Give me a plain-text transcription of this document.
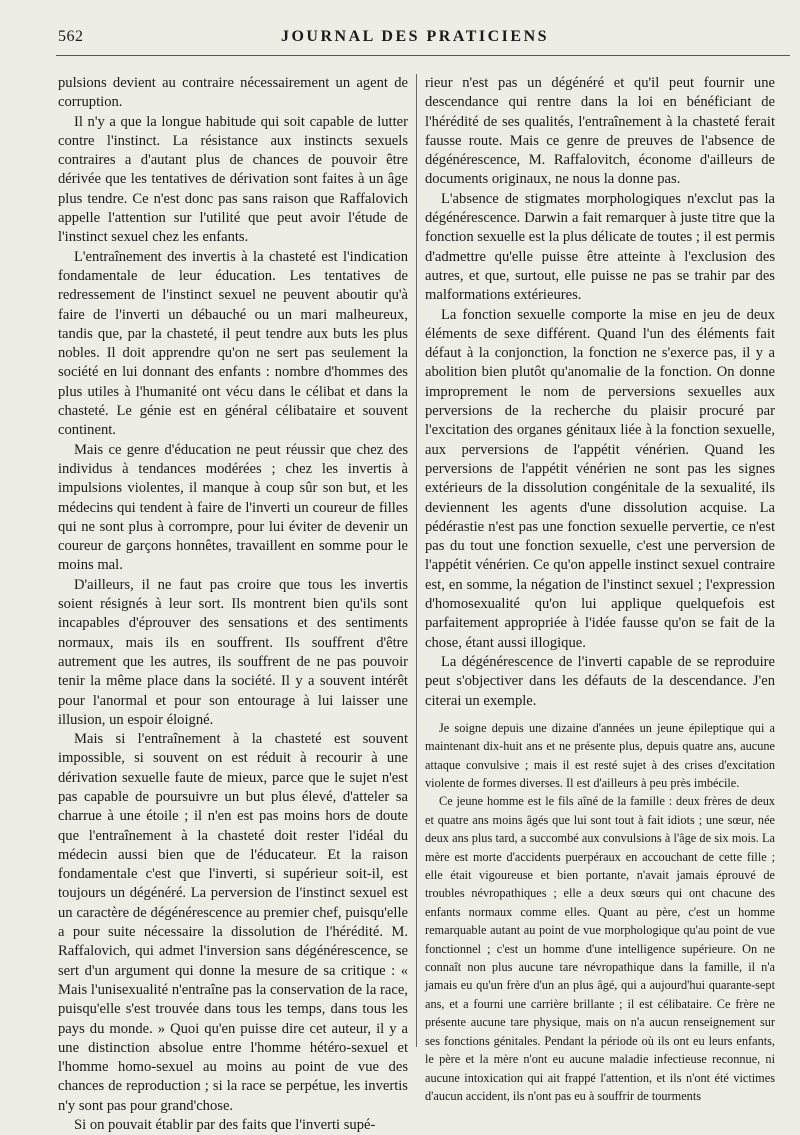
562	JOURNAL DES PRATICIENS

pulsions devient au contraire nécessairement un agent de corruption.

Il n'y a que la longue habitude qui soit capable de lutter contre l'instinct. La résistance aux instincts sexuels contraires a d'autant plus de chances de pouvoir être dérivée que les tentatives de dérivation sont faites à un âge plus tendre. Ce n'est donc pas sans raison que Raffalovich appelle l'attention sur l'utilité que peut avoir l'étude de l'instinct sexuel chez les enfants.

L'entraînement des invertis à la chasteté est l'indication fondamentale de leur éducation. Les tentatives de redressement de l'instinct sexuel ne peuvent aboutir qu'à faire de l'inverti un débauché ou un mari malheureux, tandis que, par la chasteté, il peut tendre aux buts les plus nobles. Il doit apprendre qu'on ne sert pas seulement la société en lui donnant des enfants : nombre d'hommes des plus utiles à l'humanité ont vécu dans le célibat et dans la chasteté. Le génie est en général célibataire et souvent continent.

Mais ce genre d'éducation ne peut réussir que chez des individus à tendances modérées ; chez les invertis à impulsions violentes, il manque à coup sûr son but, et les médecins qui tendent à faire de l'inverti un coureur de filles qui ne sont plus à corrompre, pour lui éviter de devenir un coureur de garçons honnêtes, travaillent en somme pour le moins mal.

D'ailleurs, il ne faut pas croire que tous les invertis soient résignés à leur sort. Ils montrent bien qu'ils sont incapables d'éprouver des sensations et des sentiments normaux, mais ils en souffrent. Ils souffrent d'être autrement que les autres, ils souffrent de ne pas pouvoir tenir la même place dans la société. Il y a souvent intérêt pour l'anormal et pour son entourage à lui laisser une illusion, un espoir éloigné.

Mais si l'entraînement à la chasteté est souvent impossible, si souvent on est réduit à recourir à une dérivation sexuelle faute de mieux, parce que le sujet n'est pas capable de poursuivre un but plus élevé, d'atteler sa charrue à une étoile ; il n'en est pas moins hors de doute que l'entraînement à la chasteté doit rester l'idéal du médecin aussi bien que de l'éducateur. Et la raison fondamentale c'est que l'inverti, si supérieur soit-il, est toujours un dégénéré. La perversion de l'instinct sexuel est un caractère de dégénérescence au premier chef, puisqu'elle a pour suite nécessaire la dissolution de l'hérédité. M. Raffalovich, qui admet l'inversion sans dégénérescence, se sert d'un argument qui donne la mesure de sa critique : « Mais l'unisexualité n'entraîne pas la conservation de la race, puisqu'elle s'est trouvée dans tous les temps, dans tous les pays du monde. » Quoi qu'en puisse dire cet auteur, il y a une distinction absolue entre l'homme hétéro-sexuel et l'homme homo-sexuel au moins au point de vue des chances de reproduction ; si la race se perpétue, les invertis n'y sont pas pour grand'chose.

Si on pouvait établir par des faits que l'inverti supé-

rieur n'est pas un dégénéré et qu'il peut fournir une descendance qui rentre dans la loi en bénéficiant de l'hérédité de ses qualités, l'entraînement à la chasteté ferait fausse route. Mais ce genre de preuves de l'absence de dégénérescence, M. Raffalovitch, économe d'ailleurs de documents originaux, ne nous la donne pas.

L'absence de stigmates morphologiques n'exclut pas la dégénérescence. Darwin a fait remarquer à juste titre que la fonction sexuelle est la plus délicate de toutes ; il est permis d'admettre qu'elle puisse être atteinte à l'exclusion des autres, et que, surtout, elle puisse ne pas se trahir par des malformations extérieures.

La fonction sexuelle comporte la mise en jeu de deux éléments de sexe différent. Quand l'un des éléments fait défaut à la conjonction, la fonction ne s'exerce pas, il y a abolition bien plutôt qu'anomalie de la fonction. On donne improprement le nom de perversions sexuelles aux perversions de la recherche du plaisir procuré par l'excitation des organes génitaux liée à la fonction sexuelle, aux perversions de l'appétit vénérien. Quand les perversions de l'appétit vénérien ne sont pas les signes extérieurs de la dissolution congénitale de la sexualité, ils deviennent les agents d'une dissolution acquise. La pédérastie n'est pas une fonction sexuelle pervertie, ce n'est pas du tout une fonction sexuelle, c'est une perversion de l'appétit vénérien. Ce qu'on appelle instinct sexuel contraire est, en somme, la négation de l'instinct sexuel ; l'expression d'homosexualité qu'on lui applique quelquefois est parfaitement appropriée à l'idée fausse qu'on se fait de la chose, étant aussi illogique.

La dégénérescence de l'inverti capable de se reproduire peut s'objectiver dans les défauts de la descendance. J'en citerai un exemple.

Je soigne depuis une dizaine d'années un jeune épileptique qui a maintenant dix-huit ans et ne présente plus, depuis quatre ans, aucune attaque convulsive ; mais il est resté sujet à des crises d'excitation violente de formes diverses. Il est d'ailleurs à peu près imbécile.

Ce jeune homme est le fils aîné de la famille : deux frères de deux et quatre ans moins âgés que lui sont tout à fait idiots ; une sœur, née deux ans plus tard, a succombé aux convulsions à l'âge de six mois. La mère est morte d'accidents puerpéraux en accouchant de cette fille ; elle était vigoureuse et bien portante, n'avait jamais éprouvé de troubles névropathiques ; elle a deux sœurs qui ont chacune des enfants normaux comme elles. Quant au père, c'est un homme remarquable autant au point de vue morphologique qu'au point de vue fonctionnel ; c'est un homme d'une intelligence supérieure. On ne connaît non plus aucune tare névropathique dans la famille, il n'a jamais eu qu'un frère d'un an plus âgé, qui a aujourd'hui quarante-sept ans, et a fourni une carrière brillante ; il est célibataire. Ce frère ne présente aucune tare physique, mais on n'a aucun renseignement sur ses fonctions génitales. Pendant la période où ils ont eu leurs enfants, le père et la mère n'ont eu aucune maladie infectieuse reconnue, ni aucune intoxication qui ait frappé l'attention, et ils n'ont été victimes d'aucun accident, ils n'ont pas eu à souffrir de tourments
